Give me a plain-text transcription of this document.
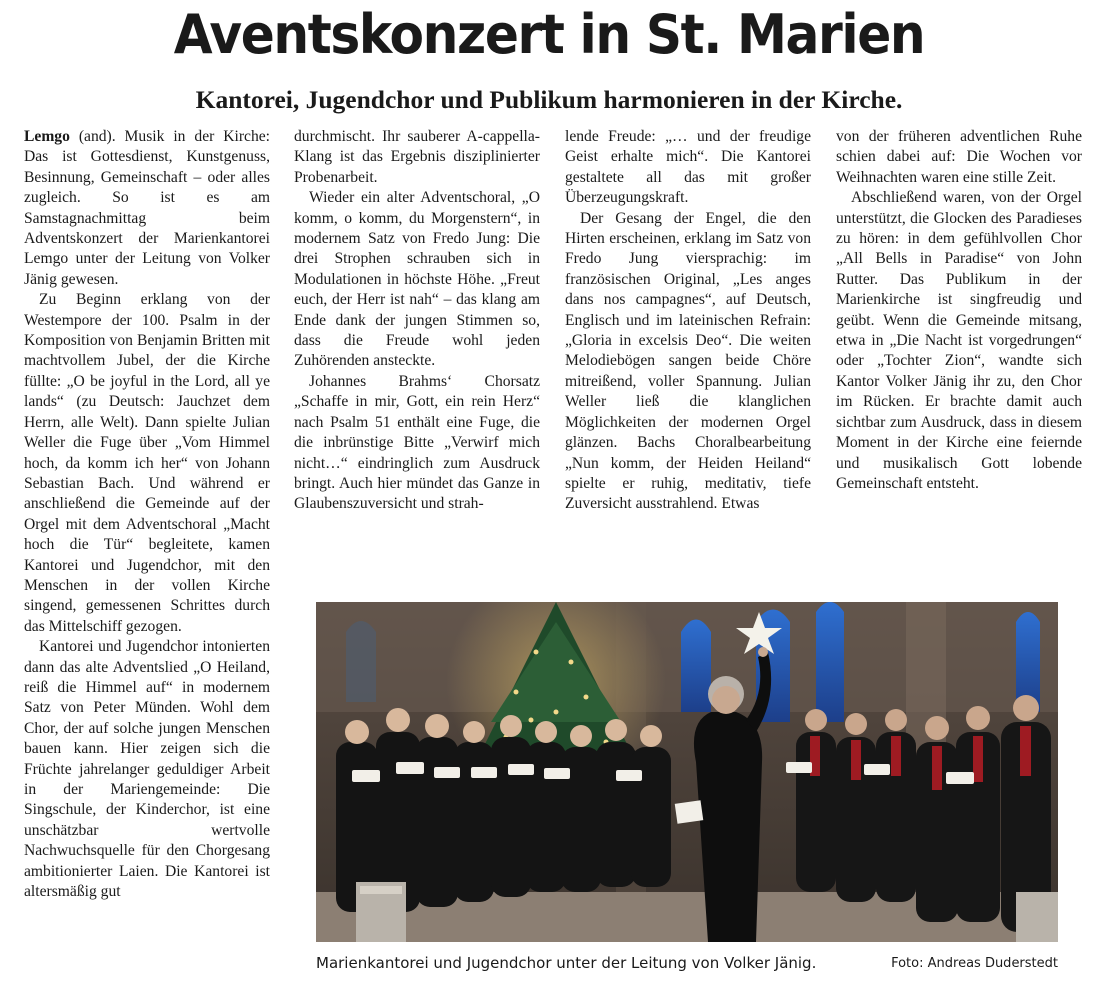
Aventskonzert in St. Marien
Kantorei, Jugendchor und Publikum harmonieren in der Kirche.

Lemgo (and). Musik in der Kirche: Das ist Gottesdienst, Kunstgenuss, Besinnung, Gemeinschaft – oder alles zugleich. So ist es am Samstagnachmittag beim Adventskonzert der Marienkantorei Lemgo unter der Leitung von Volker Jänig gewesen.

Zu Beginn erklang von der Westempore der 100. Psalm in der Komposition von Benjamin Britten mit machtvollem Jubel, der die Kirche füllte: „O be joyful in the Lord, all ye lands“ (zu Deutsch: Jauchzet dem Herrn, alle Welt). Dann spielte Julian Weller die Fuge über „Vom Himmel hoch, da komm ich her“ von Johann Sebastian Bach. Und während er anschließend die Gemeinde auf der Orgel mit dem Adventschoral „Macht hoch die Tür“ begleitete, kamen Kantorei und Jugendchor, mit den Menschen in der vollen Kirche singend, gemessenen Schrittes durch das Mittelschiff gezogen.

Kantorei und Jugendchor intonierten dann das alte Adventslied „O Heiland, reiß die Himmel auf“ in modernem Satz von Peter Münden. Wohl dem Chor, der auf solche jungen Menschen bauen kann. Hier zeigen sich die Früchte jahrelanger geduldiger Arbeit in der Mariengemeinde: Die Singschule, der Kinderchor, ist eine unschätzbar wertvolle Nachwuchsquelle für den Chorgesang ambitionierter Laien. Die Kantorei ist altersmäßig gut

durchmischt. Ihr sauberer A-cappella-Klang ist das Ergebnis disziplinierter Probenarbeit.

Wieder ein alter Adventschoral, „O komm, o komm, du Morgenstern“, in modernem Satz von Fredo Jung: Die drei Strophen schrauben sich in Modulationen in höchste Höhe. „Freut euch, der Herr ist nah“ – das klang am Ende dank der jungen Stimmen so, dass die Freude wohl jeden Zuhörenden ansteckte.

Johannes Brahms‘ Chorsatz „Schaffe in mir, Gott, ein rein Herz“ nach Psalm 51 enthält eine Fuge, die die inbrünstige Bitte „Verwirf mich nicht…“ eindringlich zum Ausdruck bringt. Auch hier mündet das Ganze in Glaubenszuversicht und strah-

lende Freude: „… und der freudige Geist erhalte mich“. Die Kantorei gestaltete all das mit großer Überzeugungskraft.

Der Gesang der Engel, die den Hirten erscheinen, erklang im Satz von Fredo Jung viersprachig: im französischen Original, „Les anges dans nos campagnes“, auf Deutsch, Englisch und im lateinischen Refrain: „Gloria in excelsis Deo“. Die weiten Melodiebögen sangen beide Chöre mitreißend, voller Spannung. Julian Weller ließ die klanglichen Möglichkeiten der modernen Orgel glänzen. Bachs Choralbearbeitung „Nun komm, der Heiden Heiland“ spielte er ruhig, meditativ, tiefe Zuversicht ausstrahlend. Etwas

von der früheren adventlichen Ruhe schien dabei auf: Die Wochen vor Weihnachten waren eine stille Zeit.

Abschließend waren, von der Orgel unterstützt, die Glocken des Paradieses zu hören: in dem gefühlvollen Chor „All Bells in Paradise“ von John Rutter. Das Publikum in der Marienkirche ist singfreudig und geübt. Wenn die Gemeinde mitsang, etwa in „Die Nacht ist vorgedrungen“ oder „Tochter Zion“, wandte sich Kantor Volker Jänig ihr zu, den Chor im Rücken. Er brachte damit auch sichtbar zum Ausdruck, dass in diesem Moment in der Kirche eine feiernde und musikalisch Gott lobende Gemeinschaft entsteht.

Marienkantorei und Jugendchor unter der Leitung von Volker Jänig.	Foto: Andreas Duderstedt
